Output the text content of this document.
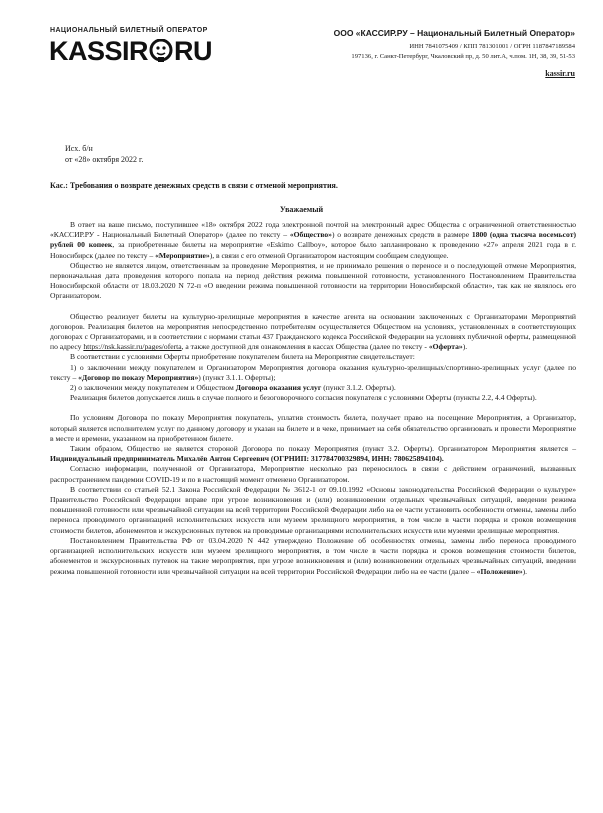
НАЦИОНАЛЬНЫЙ БИЛЕТНЫЙ ОПЕРАТОР
KASSIR RU
ООО «КАССИР.РУ – Национальный Билетный Оператор»
ИНН 7841075409 / КПП 781301001 / ОГРН 1187847189584
197136, г. Санкт-Петербург, Чкаловский пр, д. 50 лит.А, ч.пом. 1Н, 38, 39, 51-53
kassir.ru
Исх. б/н
от «28» октября 2022 г.
Кас.: Требования о возврате денежных средств в связи с отменой мероприятия.
Уважаемый

В ответ на ваше письмо, поступившее «18» октября 2022 года электронной почтой на электронный адрес Общества с ограниченной ответственностью «КАССИР.РУ - Национальный Билетный Оператор» (далее по тексту – «Общество») о возврате денежных средств в размере 1800 (одна тысяча восемьсот) рублей 00 копеек, за приобретенные билеты на мероприятие «Eskimo Callboy», которое было запланировано к проведению «27» апреля 2021 года в г. Новосибирск (далее по тексту – «Мероприятие»), в связи с его отменой Организатором настоящим сообщаем следующее.

Общество не является лицом, ответственным за проведение Мероприятия, и не принимало решения о переносе и о последующей отмене Мероприятия, первоначальная дата проведения которого попала на период действия режима повышенной готовности, установленного Постановлением Правительства Новосибирской области от 18.03.2020 N 72-п «О введении режима повышенной готовности на территории Новосибирской области», так как не являлось его Организатором.

Общество реализует билеты на культурно-зрелищные мероприятия в качестве агента на основании заключенных с Организаторами Мероприятий договоров. Реализация билетов на мероприятия непосредственно потребителям осуществляется Обществом на условиях, установленных в соответствующих договорах с Организаторами, и в соответствии с нормами статьи 437 Гражданского кодекса Российской Федерации на условиях публичной оферты, размещенной по адресу https://nsk.kassir.ru/pages/oferta, а также доступной для ознакомления в кассах Общества (далее по тексту - «Оферта»).

В соответствии с условиями Оферты приобретение покупателем билета на Мероприятие свидетельствует:

1) о заключении между покупателем и Организатором Мероприятия договора оказания культурно-зрелищных/спортивно-зрелищных услуг (далее по тексту – «Договор по показу Мероприятия») (пункт 3.1.1. Оферты);

2) о заключении между покупателем и Обществом Договора оказания услуг (пункт 3.1.2. Оферты).

Реализация билетов допускается лишь в случае полного и безоговорочного согласия покупателя с условиями Оферты (пункты 2.2, 4.4 Оферты).

По условиям Договора по показу Мероприятия покупатель, уплатив стоимость билета, получает право на посещение Мероприятия, а Организатор, который является исполнителем услуг по данному договору и указан на билете и в чеке, принимает на себя обязательство организовать и провести Мероприятие в месте и времени, указанном на приобретенном билете.

Таким образом, Общество не является стороной Договора по показу Мероприятия (пункт 3.2. Оферты). Организатором Мероприятия является – Индивидуальный предприниматель Михалёв Антон Сергеевич (ОГРНИП: 317784700329894, ИНН: 780625894104).

Согласно информации, полученной от Организатора, Мероприятие несколько раз переносилось в связи с действием ограничений, вызванных распространением пандемии COVID-19 и по в настоящий момент отменено Организатором.

В соответствии со статьей 52.1 Закона Российской Федерации № 3612-1 от 09.10.1992 «Основы законодательства Российской Федерации о культуре» Правительство Российской Федерации вправе при угрозе возникновения и (или) возникновении отдельных чрезвычайных ситуаций, введении режима повышенной готовности или чрезвычайной ситуации на всей территории Российской Федерации либо на ее части установить особенности отмены, замены либо переноса проводимого организацией исполнительских искусств или музеем зрелищного мероприятия, в том числе в части порядка и сроков возмещения стоимости билетов, абонементов и экскурсионных путевок на проводимые организациями исполнительских искусств или музеями зрелищные мероприятия.

Постановлением Правительства РФ от 03.04.2020 N 442 утверждено Положение об особенностях отмены, замены либо переноса проводимого организацией исполнительских искусств или музеем зрелищного мероприятия, в том числе в части порядка и сроков возмещения стоимости билетов, абонементов и экскурсионных путевок на такие мероприятия, при угрозе возникновения и (или) возникновении отдельных чрезвычайных ситуаций, введении режима повышенной готовности или чрезвычайной ситуации на всей территории Российской Федерации либо на ее части (далее – «Положение»).
